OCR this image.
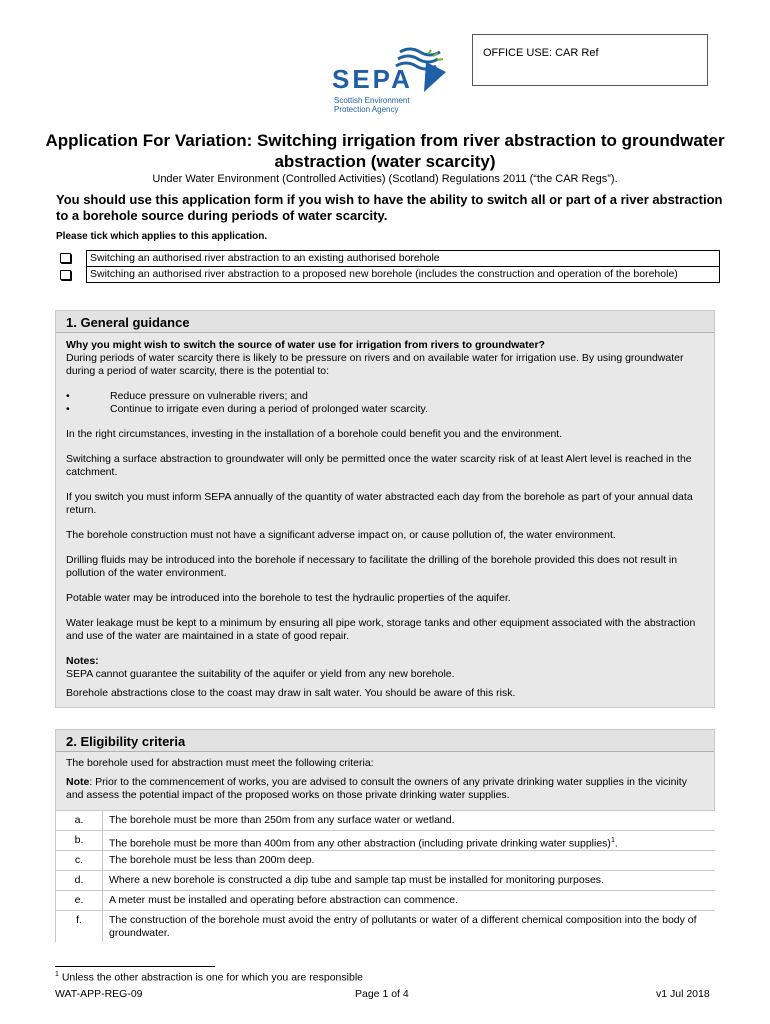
OFFICE USE: CAR Ref
SEPA
Scottish Environment
Protection Agency
Application For Variation: Switching irrigation from river abstraction to groundwater abstraction (water scarcity)
Under Water Environment (Controlled Activities) (Scotland) Regulations 2011 (“the CAR Regs”).
You should use this application form if you wish to have the ability to switch all or part of a river abstraction to a borehole source during periods of water scarcity.
Please tick which applies to this application.
Switching an authorised river abstraction to an existing authorised borehole
Switching an authorised river abstraction to a proposed new borehole (includes the construction and operation of the borehole)
1. General guidance
Why you might wish to switch the source of water use for irrigation from rivers to groundwater?
During periods of water scarcity there is likely to be pressure on rivers and on available water for irrigation use. By using groundwater during a period of water scarcity, there is the potential to:
•	Reduce pressure on vulnerable rivers; and
•	Continue to irrigate even during a period of prolonged water scarcity.
In the right circumstances, investing in the installation of a borehole could benefit you and the environment.
Switching a surface abstraction to groundwater will only be permitted once the water scarcity risk of at least Alert level is reached in the catchment.
If you switch you must inform SEPA annually of the quantity of water abstracted each day from the borehole as part of your annual data return.
The borehole construction must not have a significant adverse impact on, or cause pollution of, the water environment.
Drilling fluids may be introduced into the borehole if necessary to facilitate the drilling of the borehole provided this does not result in pollution of the water environment.
Potable water may be introduced into the borehole to test the hydraulic properties of the aquifer.
Water leakage must be kept to a minimum by ensuring all pipe work, storage tanks and other equipment associated with the abstraction and use of the water are maintained in a state of good repair.
Notes:
SEPA cannot guarantee the suitability of the aquifer or yield from any new borehole.
Borehole abstractions close to the coast may draw in salt water. You should be aware of this risk.
2. Eligibility criteria
The borehole used for abstraction must meet the following criteria:
Note: Prior to the commencement of works, you are advised to consult the owners of any private drinking water supplies in the vicinity and assess the potential impact of the proposed works on those private drinking water supplies.
a.	The borehole must be more than 250m from any surface water or wetland.
b.	The borehole must be more than 400m from any other abstraction (including private drinking water supplies)$^1$.
c.	The borehole must be less than 200m deep.
d.	Where a new borehole is constructed a dip tube and sample tap must be installed for monitoring purposes.
e.	A meter must be installed and operating before abstraction can commence.
f.	The construction of the borehole must avoid the entry of pollutants or water of a different chemical composition into the body of groundwater.
$^1$ Unless the other abstraction is one for which you are responsible
WAT-APP-REG-09	Page 1 of 4	v1 Jul 2018
